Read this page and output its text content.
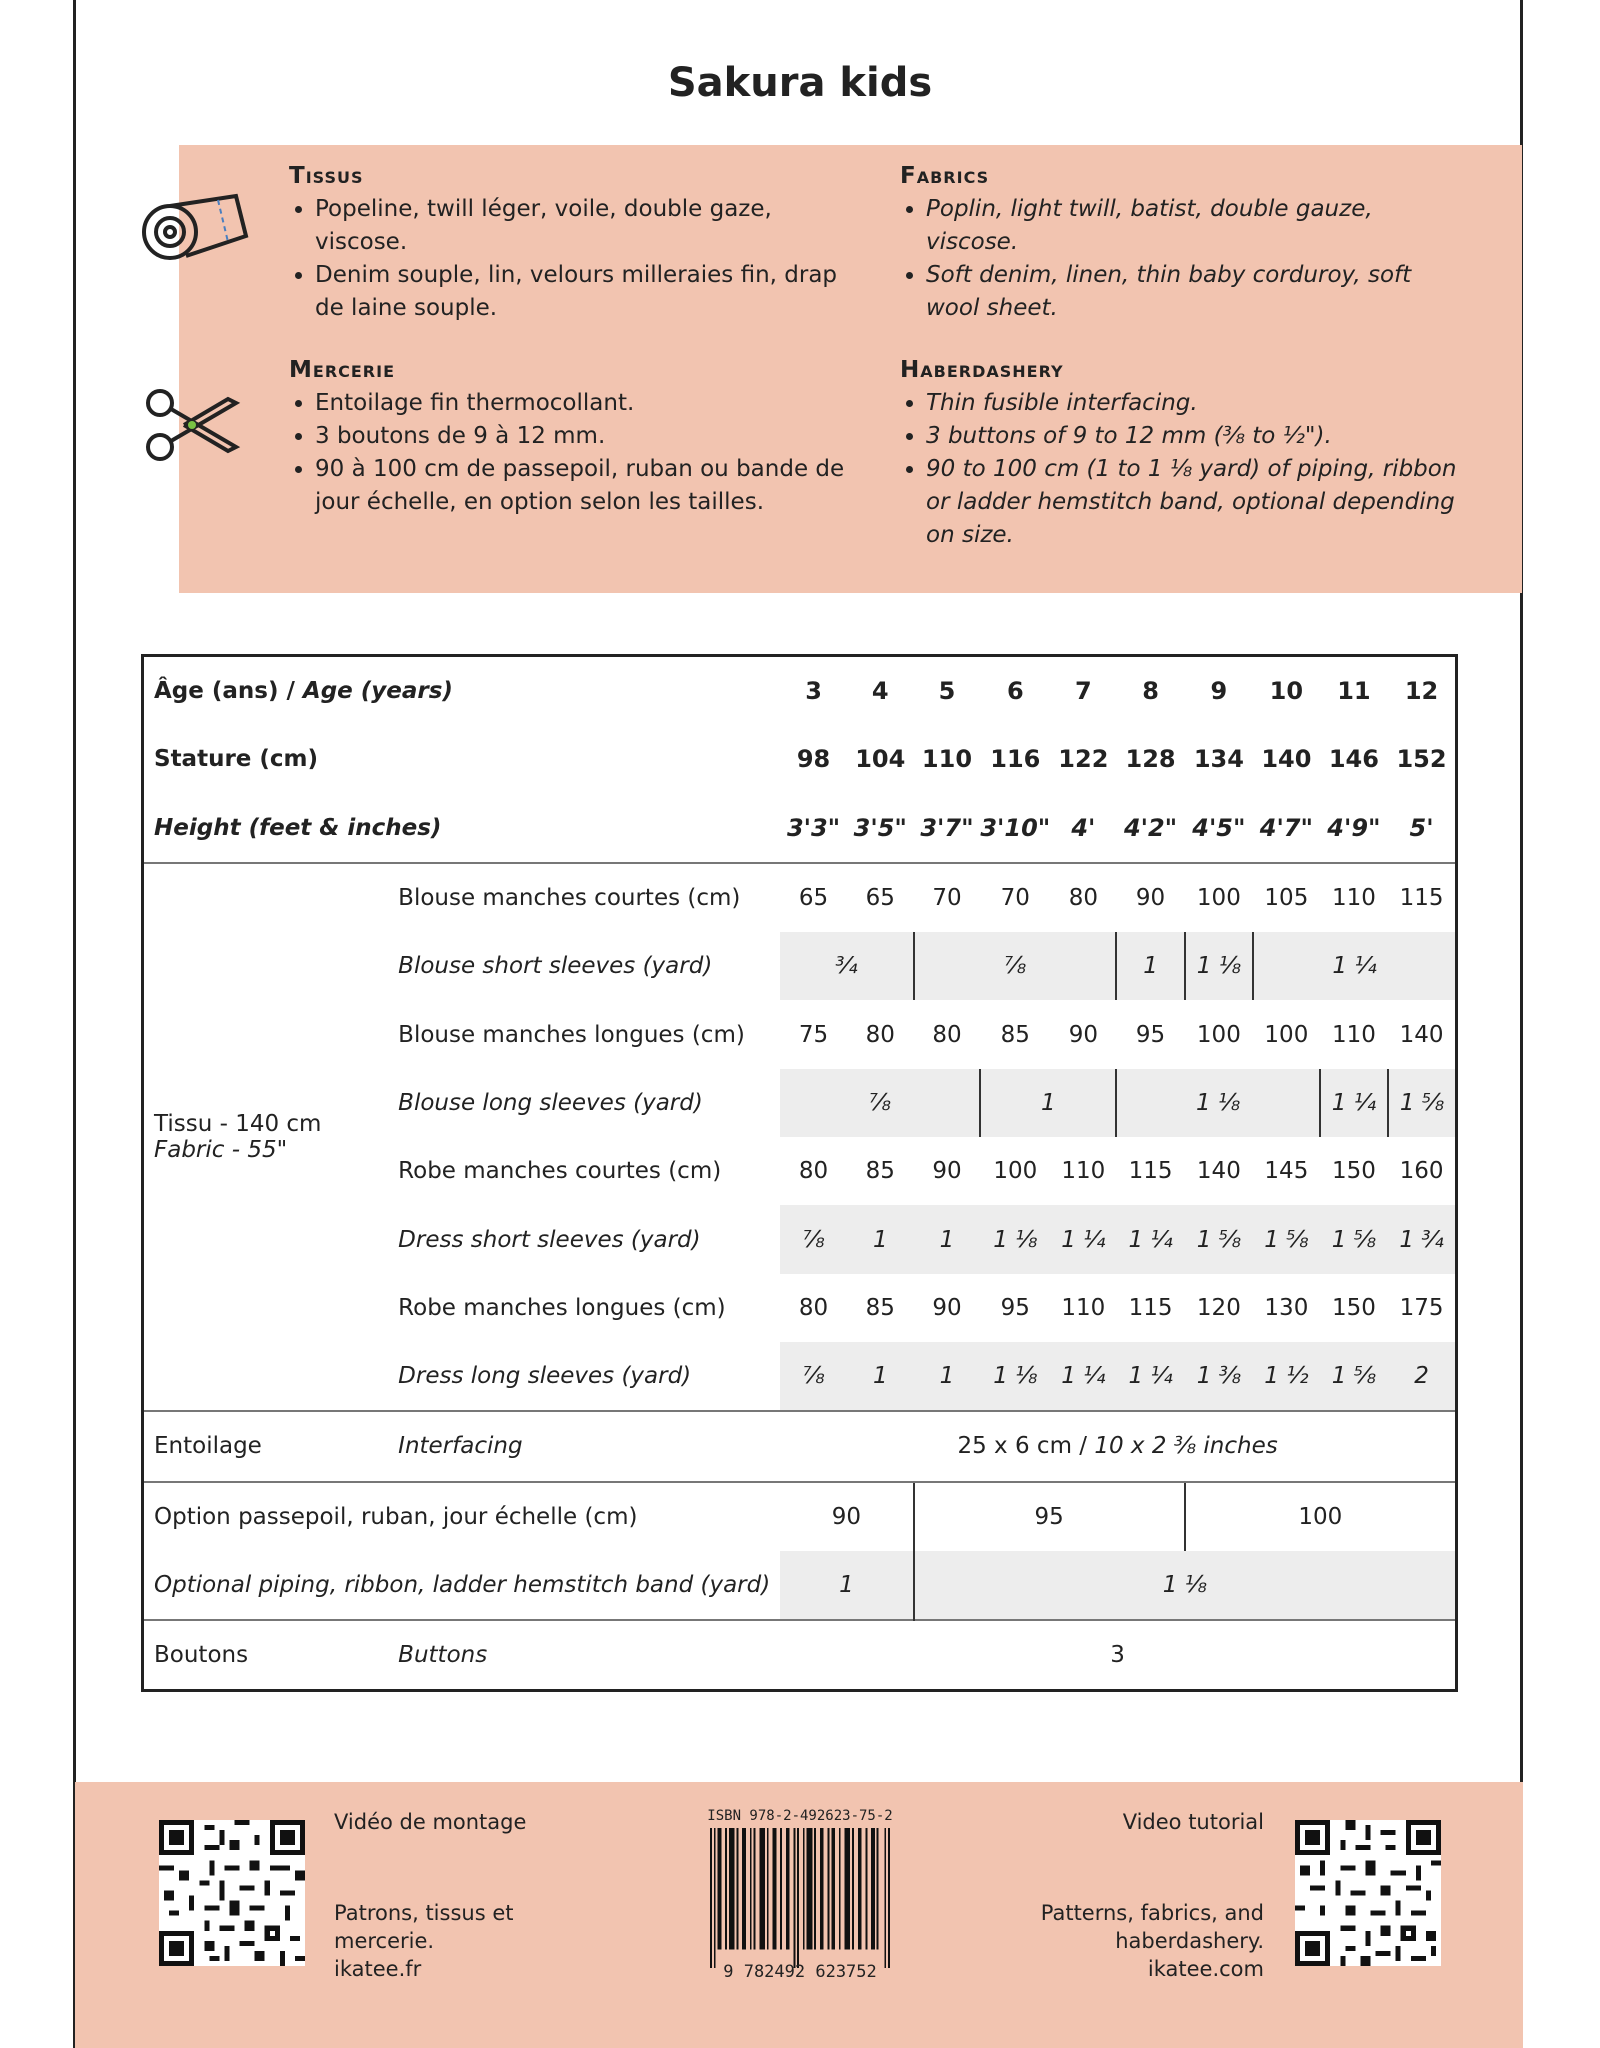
Sakura kids
Tissus
• Popeline, twill léger, voile, double gaze, viscose.
• Denim souple, lin, velours milleraies fin, drap de laine souple.
Fabrics
• Poplin, light twill, batist, double gauze, viscose.
• Soft denim, linen, thin baby corduroy, soft wool sheet.
Mercerie
• Entoilage fin thermocollant.
• 3 boutons de 9 à 12 mm.
• 90 à 100 cm de passepoil, ruban ou bande de jour échelle, en option selon les tailles.
Haberdashery
• Thin fusible interfacing.
• 3 buttons of 9 to 12 mm (⅜ to ½").
• 90 to 100 cm (1 to 1 ⅛ yard) of piping, ribbon or ladder hemstitch band, optional depending on size.
Âge (ans) / Age (years)		3	4	5	6	7	8	9	10	11	12
Stature (cm)		98	104	110	116	122	128	134	140	146	152
Height (feet & inches)		3'3"	3'5"	3'7"	3'10"	4'	4'2"	4'5"	4'7"	4'9"	5'
Tissu - 140 cm
Fabric - 55"	Blouse manches courtes (cm)	65	65	70	70	80	90	100	105	110	115
	Blouse short sleeves (yard)	¾		⅞			1	1 ⅛	1 ¼		
	Blouse manches longues (cm)	75	80	80	85	90	95	100	100	110	140
	Blouse long sleeves (yard)	⅞			1		1 ⅛			1 ¼	1 ⅝
	Robe manches courtes (cm)	80	85	90	100	110	115	140	145	150	160
	Dress short sleeves (yard)	⅞	1	1	1 ⅛	1 ¼	1 ¼	1 ⅝	1 ⅝	1 ⅝	1 ¾
	Robe manches longues (cm)	80	85	90	95	110	115	120	130	150	175
	Dress long sleeves (yard)	⅞	1	1	1 ⅛	1 ¼	1 ¼	1 ⅜	1 ½	1 ⅝	2
Entoilage	Interfacing	25 x 6 cm / 10 x 2 ⅜ inches									
Option passepoil, ruban, jour échelle (cm)		90		95				100			
Optional piping, ribbon, ladder hemstitch band (yard)		1		1 ⅛							
Boutons	Buttons	3									
Vidéo de montage
Patrons, tissus et
mercerie.
ikatee.fr
ISBN 978-2-492623-75-2
9 782492 623752
Video tutorial
Patterns, fabrics, and
haberdashery.
ikatee.com
